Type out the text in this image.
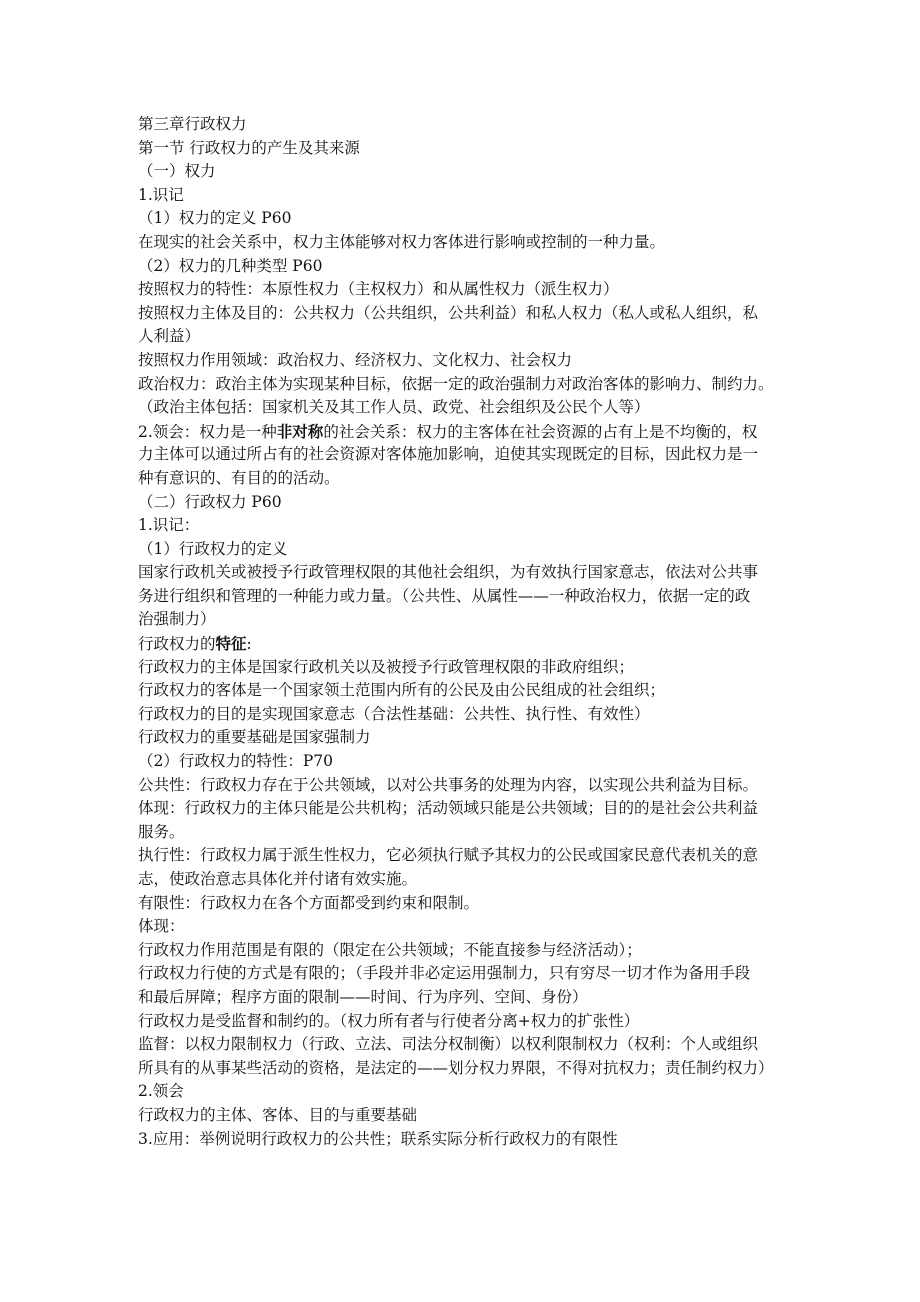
第三章行政权力
第一节 行政权力的产生及其来源
（一）权力
1.识记
（1）权力的定义 P60
在现实的社会关系中，权力主体能够对权力客体进行影响或控制的一种力量。
（2）权力的几种类型 P60
按照权力的特性：本原性权力（主权权力）和从属性权力（派生权力）
按照权力主体及目的：公共权力（公共组织，公共利益）和私人权力（私人或私人组织，私
人利益）
按照权力作用领域：政治权力、经济权力、文化权力、社会权力
政治权力：政治主体为实现某种目标，依据一定的政治强制力对政治客体的影响力、制约力。
（政治主体包括：国家机关及其工作人员、政党、社会组织及公民个人等）
2.领会：权力是一种非对称的社会关系：权力的主客体在社会资源的占有上是不均衡的，权
力主体可以通过所占有的社会资源对客体施加影响，迫使其实现既定的目标，因此权力是一
种有意识的、有目的的活动。
（二）行政权力 P60
1.识记：
（1）行政权力的定义
国家行政机关或被授予行政管理权限的其他社会组织，为有效执行国家意志，依法对公共事
务进行组织和管理的一种能力或力量。（公共性、从属性——一种政治权力，依据一定的政
治强制力）
行政权力的特征:
行政权力的主体是国家行政机关以及被授予行政管理权限的非政府组织；
行政权力的客体是一个国家领土范围内所有的公民及由公民组成的社会组织；
行政权力的目的是实现国家意志（合法性基础：公共性、执行性、有效性）
行政权力的重要基础是国家强制力
（2）行政权力的特性：P70
公共性：行政权力存在于公共领域，以对公共事务的处理为内容，以实现公共利益为目标。
体现：行政权力的主体只能是公共机构；活动领域只能是公共领域；目的的是社会公共利益
服务。
执行性：行政权力属于派生性权力，它必须执行赋予其权力的公民或国家民意代表机关的意
志，使政治意志具体化并付诸有效实施。
有限性：行政权力在各个方面都受到约束和限制。
体现：
行政权力作用范围是有限的（限定在公共领域；不能直接参与经济活动）；
行政权力行使的方式是有限的；（手段并非必定运用强制力，只有穷尽一切才作为备用手段
和最后屏障；程序方面的限制——时间、行为序列、空间、身份）
行政权力是受监督和制约的。（权力所有者与行使者分离+权力的扩张性）
监督：以权力限制权力（行政、立法、司法分权制衡）以权利限制权力（权利：个人或组织
所具有的从事某些活动的资格，是法定的——划分权力界限，不得对抗权力；责任制约权力）
2.领会
行政权力的主体、客体、目的与重要基础
3.应用：举例说明行政权力的公共性；联系实际分析行政权力的有限性
